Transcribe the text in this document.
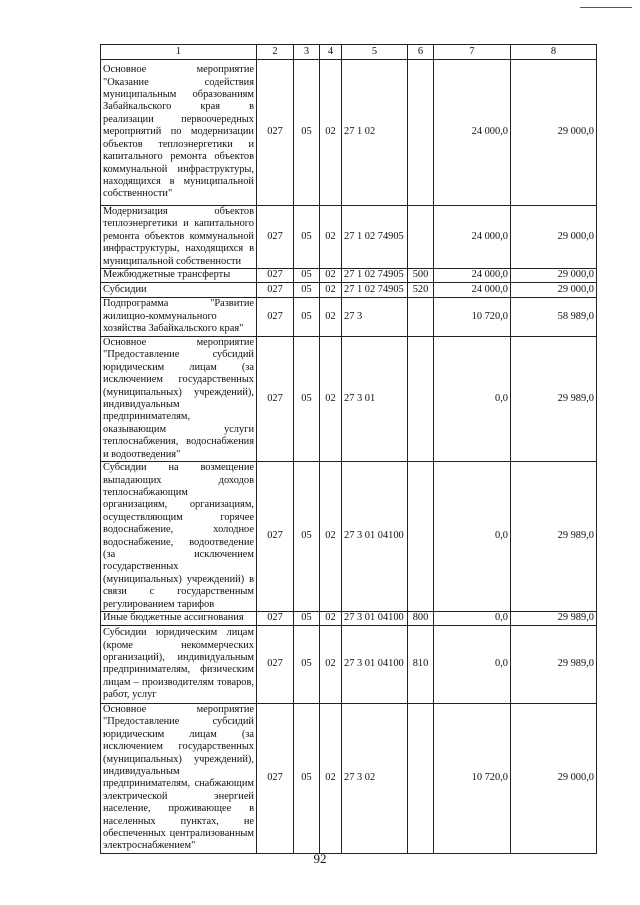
1	2	3	4	5	6	7	8
Основное мероприятие "Оказание содействия муниципальным образованиям Забайкальского края в реализации первоочередных мероприятий по модернизации объектов теплоэнергетики и капитального ремонта объектов коммунальной инфраструктуры, находящихся в муниципальной собственности"	027	05	02	27 1 02		24 000,0	29 000,0
Модернизация объектов теплоэнергетики и капитального ремонта объектов коммунальной инфраструктуры, находящихся в муниципальной собственности	027	05	02	27 1 02 74905		24 000,0	29 000,0
Межбюджетные трансферты	027	05	02	27 1 02 74905	500	24 000,0	29 000,0
Субсидии	027	05	02	27 1 02 74905	520	24 000,0	29 000,0
Подпрограмма "Развитие жилищно-коммунального хозяйства Забайкальского края"	027	05	02	27 3		10 720,0	58 989,0
Основное мероприятие "Предоставление субсидий юридическим лицам (за исключением государственных (муниципальных) учреждений), индивидуальным предпринимателям, оказывающим услуги теплоснабжения, водоснабжения и водоотведения"	027	05	02	27 3 01		0,0	29 989,0
Субсидии на возмещение выпадающих доходов теплоснабжающим организациям, организациям, осуществляющим горячее водоснабжение, холодное водоснабжение, водоотведение (за исключением государственных (муниципальных) учреждений) в связи с государственным регулированием тарифов	027	05	02	27 3 01 04100		0,0	29 989,0
Иные бюджетные ассигнования	027	05	02	27 3 01 04100	800	0,0	29 989,0
Субсидии юридическим лицам (кроме некоммерческих организаций), индивидуальным предпринимателям, физическим лицам – производителям товаров, работ, услуг	027	05	02	27 3 01 04100	810	0,0	29 989,0
Основное мероприятие "Предоставление субсидий юридическим лицам (за исключением государственных (муниципальных) учреждений), индивидуальным предпринимателям, снабжающим электрической энергией население, проживающее в населенных пунктах, не обеспеченных централизованным электроснабжением"	027	05	02	27 3 02		10 720,0	29 000,0
92
